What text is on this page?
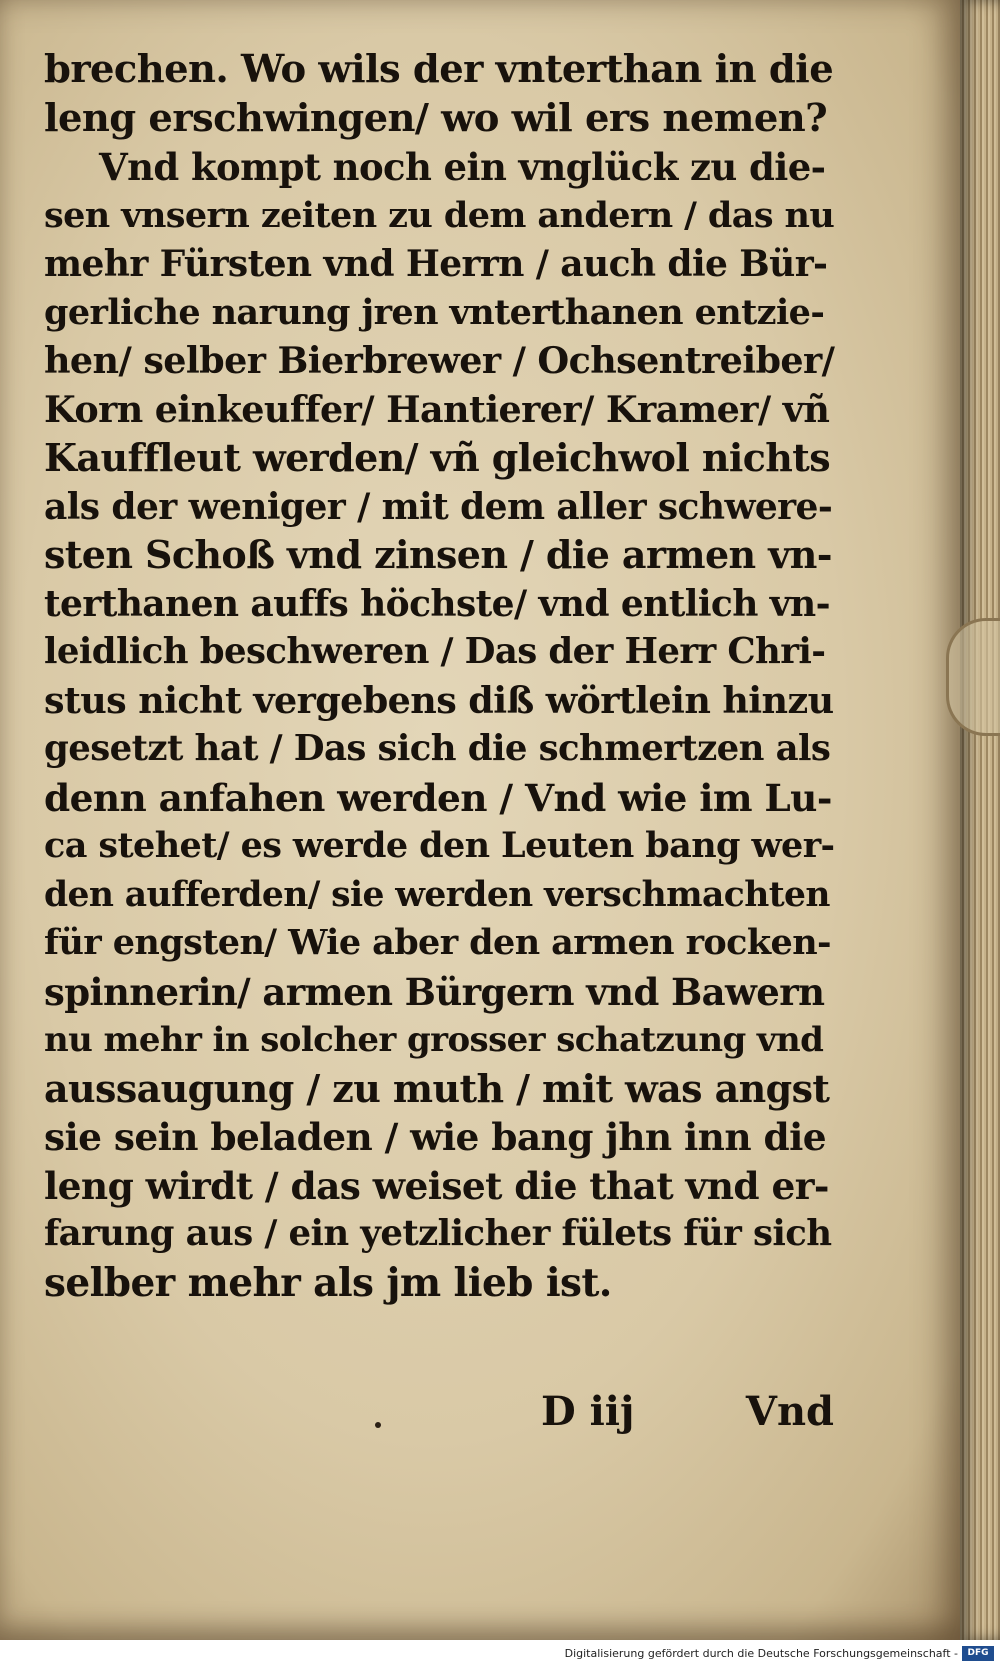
brechen. Wo wils der vnterthan in die
leng erschwingen/ wo wil ers nemen?
Vnd kompt noch ein vnglück zu die-
sen vnsern zeiten zu dem andern / das nu
mehr Fürsten vnd Herrn / auch die Bür-
gerliche narung jren vnterthanen entzie-
hen/ selber Bierbrewer / Ochsentreiber/
Korn einkeuffer/ Hantierer/ Kramer/ vñ
Kauffleut werden/ vñ gleichwol nichts
als der weniger / mit dem aller schwere-
sten Schoß vnd zinsen / die armen vn-
terthanen auffs höchste/ vnd entlich vn-
leidlich beschweren / Das der Herr Chri-
stus nicht vergebens diß wörtlein hinzu
gesetzt hat / Das sich die schmertzen als
denn anfahen werden / Vnd wie im Lu-
ca stehet/ es werde den Leuten bang wer-
den aufferden/ sie werden verschmachten
für engsten/ Wie aber den armen rocken-
spinnerin/ armen Bürgern vnd Bawern
nu mehr in solcher grosser schatzung vnd
aussaugung / zu muth / mit was angst
sie sein beladen / wie bang jhn inn die
leng wirdt / das weiset die that vnd er-
farung aus / ein yetzlicher fülets für sich
selber mehr als jm lieb ist.
D iij	Vnd
Digitalisierung gefördert durch die Deutsche Forschungsgemeinschaft -	DFG
